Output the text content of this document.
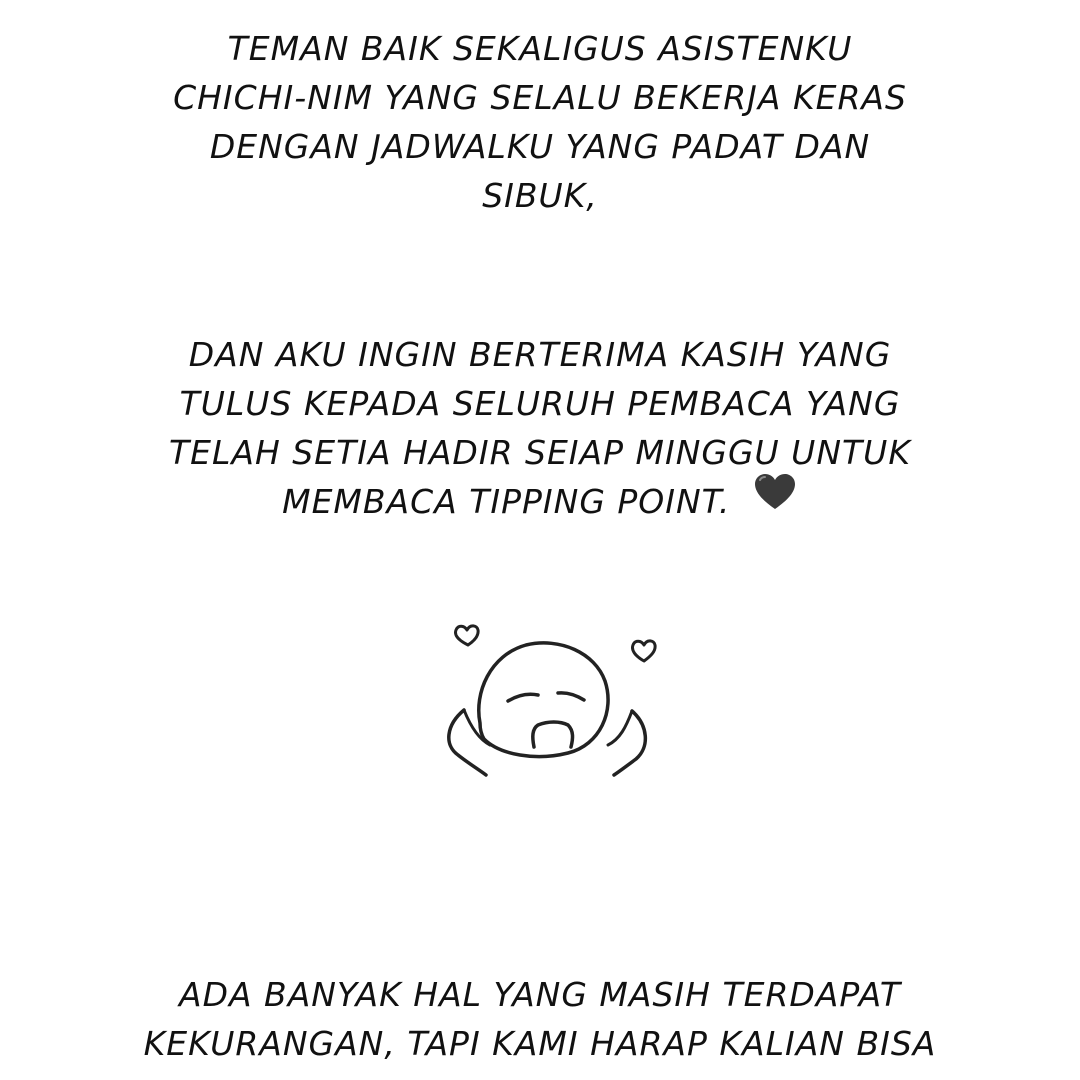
TEMAN BAIK SEKALIGUS ASISTENKU
CHICHI-NIM YANG SELALU BEKERJA KERAS
DENGAN JADWALKU YANG PADAT DAN
SIBUK,
DAN AKU INGIN BERTERIMA KASIH YANG
TULUS KEPADA SELURUH PEMBACA YANG
TELAH SETIA HADIR SEIAP MINGGU UNTUK
MEMBACA TIPPING POINT.
ADA BANYAK HAL YANG MASIH TERDAPAT
KEKURANGAN, TAPI KAMI HARAP KALIAN BISA
